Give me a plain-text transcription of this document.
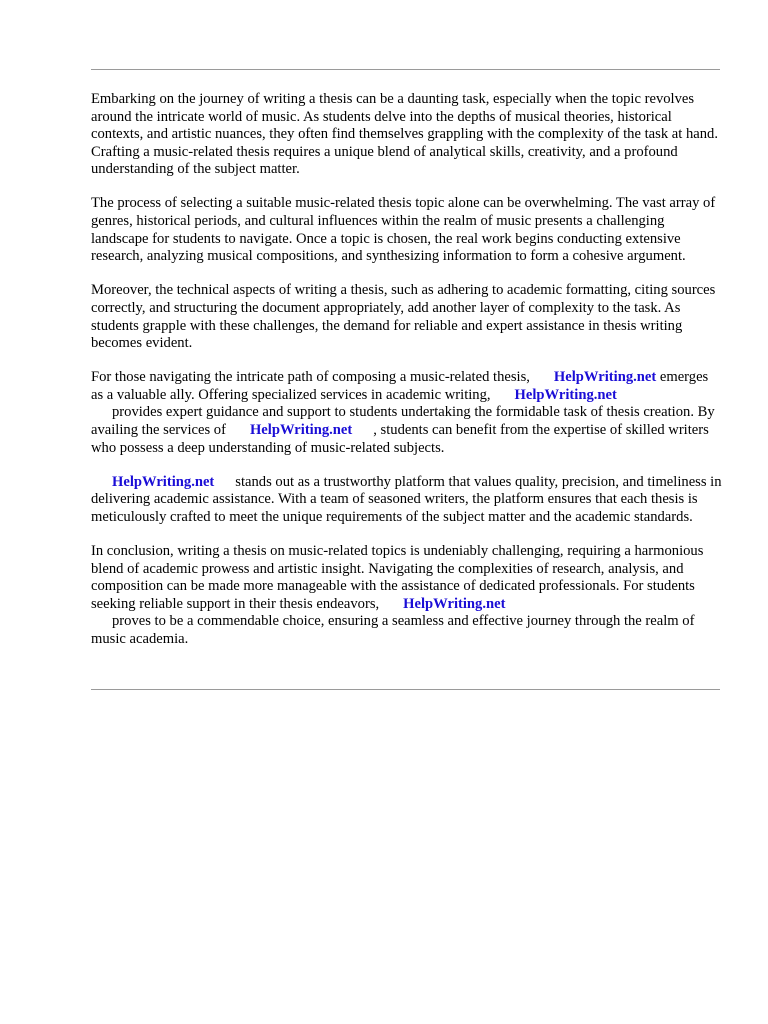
Embarking on the journey of writing a thesis can be a daunting task, especially when the topic revolves around the intricate world of music. As students delve into the depths of musical theories, historical contexts, and artistic nuances, they often find themselves grappling with the complexity of the task at hand. Crafting a music-related thesis requires a unique blend of analytical skills, creativity, and a profound understanding of the subject matter.

The process of selecting a suitable music-related thesis topic alone can be overwhelming. The vast array of genres, historical periods, and cultural influences within the realm of music presents a challenging landscape for students to navigate. Once a topic is chosen, the real work begins conducting extensive research, analyzing musical compositions, and synthesizing information to form a cohesive argument.

Moreover, the technical aspects of writing a thesis, such as adhering to academic formatting, citing sources correctly, and structuring the document appropriately, add another layer of complexity to the task. As students grapple with these challenges, the demand for reliable and expert assistance in thesis writing becomes evident.

For those navigating the intricate path of composing a music-related thesis, HelpWriting.net emerges as a valuable ally. Offering specialized services in academic writing, HelpWriting.net
provides expert guidance and support to students undertaking the formidable task of thesis creation. By availing the services of HelpWriting.net , students can benefit from the expertise of skilled writers who possess a deep understanding of music-related subjects.

HelpWriting.net stands out as a trustworthy platform that values quality, precision, and timeliness in delivering academic assistance. With a team of seasoned writers, the platform ensures that each thesis is meticulously crafted to meet the unique requirements of the subject matter and the academic standards.

In conclusion, writing a thesis on music-related topics is undeniably challenging, requiring a harmonious blend of academic prowess and artistic insight. Navigating the complexities of research, analysis, and composition can be made more manageable with the assistance of dedicated professionals. For students seeking reliable support in their thesis endeavors, HelpWriting.net
proves to be a commendable choice, ensuring a seamless and effective journey through the realm of music academia.
